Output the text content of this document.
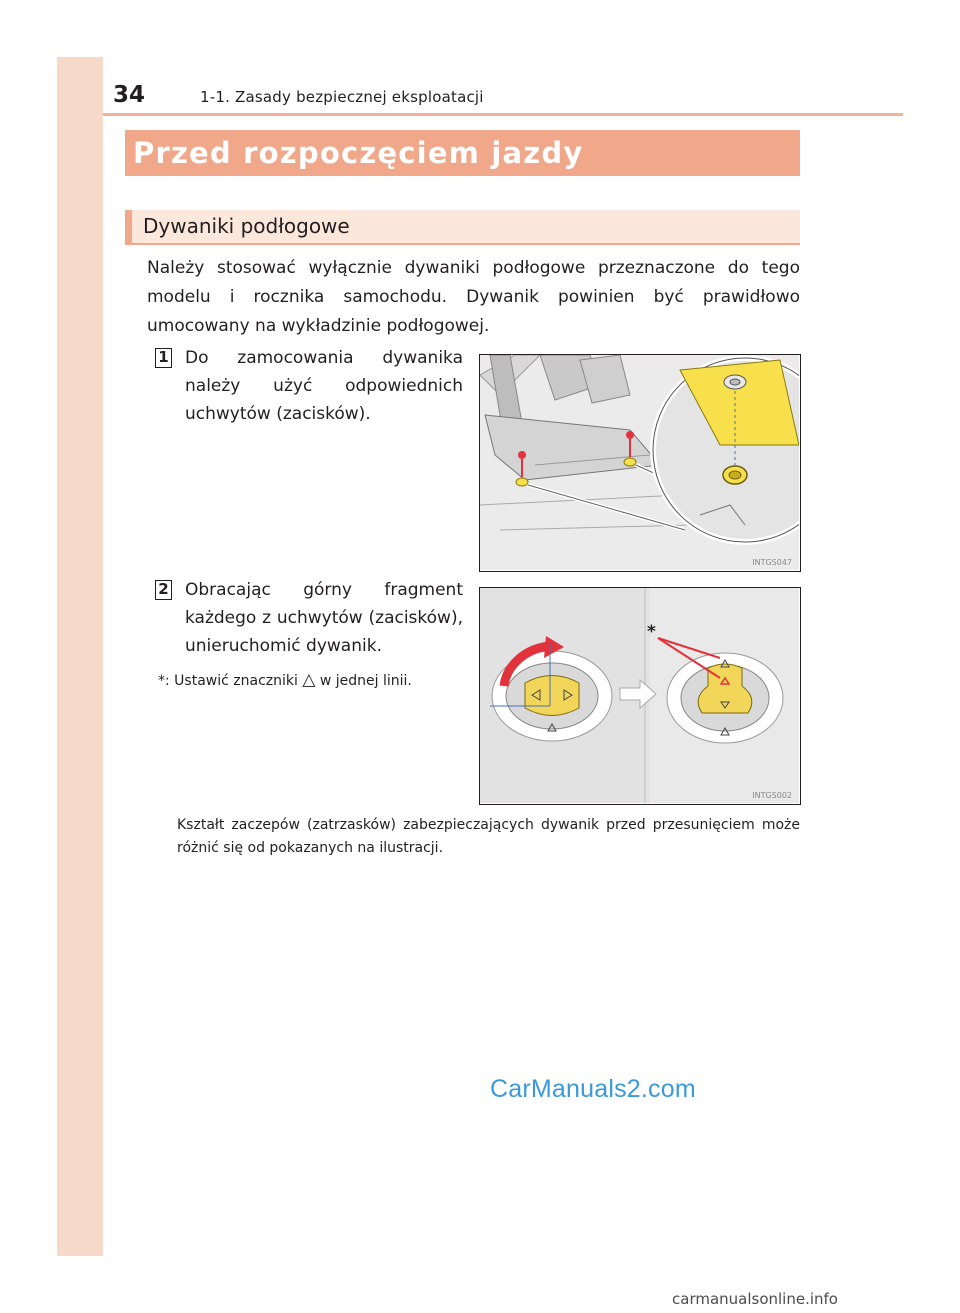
34	1-1. Zasady bezpiecznej eksploatacji
Przed rozpoczęciem jazdy
Dywaniki podłogowe
Należy stosować wyłącznie dywaniki podłogowe przeznaczone do tego modelu i rocznika samochodu. Dywanik powinien być prawidłowo umocowany na wykładzinie podłogowej.
1 Do zamocowania dywanika należy użyć odpowiednich uchwytów (zacisków).
INTGS047
2 Obracając górny fragment każdego z uchwytów (zacisków), unieruchomić dywanik.
*: Ustawić znaczniki △ w jednej linii.
*
INTGS002
Kształt zaczepów (zatrzasków) zabezpieczających dywanik przed przesunięciem może różnić się od pokazanych na ilustracji.
CarManuals2.com
carmanualsonline.info
